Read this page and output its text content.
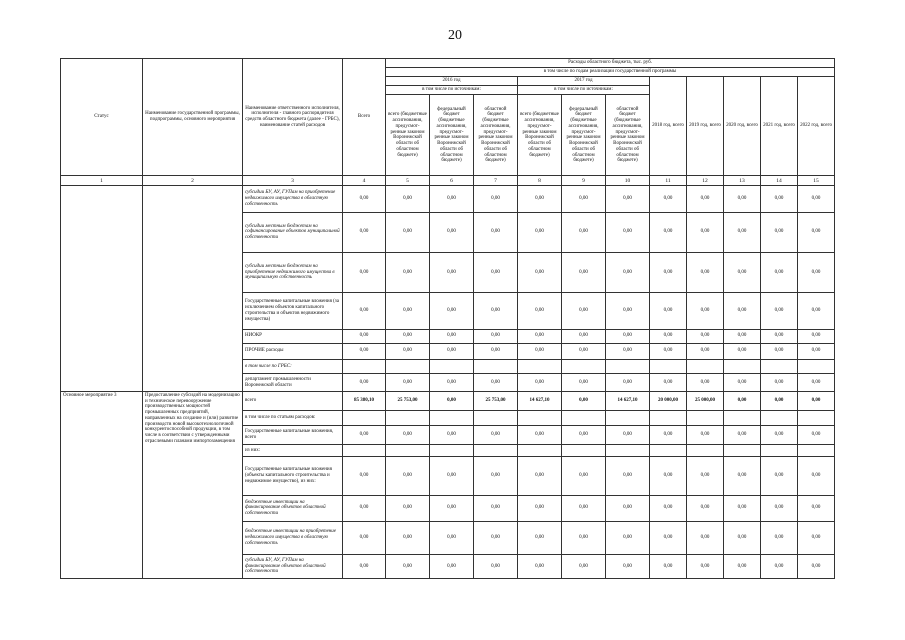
20
Статус	Наименование государственной программы, подпрограммы, основного мероприятия	Наименование ответственного исполнителя, исполнителя - главного распорядителя средств областного бюджета (далее - ГРБС), наименование статей расходов	Всего	Расходы областного бюджета, тыс. руб.										
				в том числе по годам реализации государственной программы										
				2016 год			2017 год			2018 год, всего	2019 год, всего	2020 год, всего	2021 год, всего	2022 год, всего
				в том числе по источникам:			в том числе по источникам:							
				всего (бюджетные ассигнования, предусмот-ренные законом Воронежской области об областном бюджете)	федеральный бюджет (бюджетные ассигнования, предусмот-ренные законом Воронежской области об областном бюджете)	областной бюджет (бюджетные ассигнования, предусмот-ренные законом Воронежской области об областном бюджете)	всего (бюджетные ассигнования, предусмот-ренные законом Воронежской области об областном бюджете)	федеральный бюджет (бюджетные ассигнования, предусмот-ренные законом Воронежской области об областном бюджете)	областной бюджет (бюджетные ассигнования, предусмот-ренные законом Воронежской области об областном бюджете)					
1	2	3	4	5	6	7	8	9	10	11	12	13	14	15
		субсидии БУ, АУ, ГУПам на приобретение недвижимого имущества в областную собственность	0,00	0,00	0,00	0,00	0,00	0,00	0,00	0,00	0,00	0,00	0,00	0,00
		субсидии местным бюджетам на софинансирование объектов муниципальной собственности	0,00	0,00	0,00	0,00	0,00	0,00	0,00	0,00	0,00	0,00	0,00	0,00
		субсидии местным бюджетам на приобретение недвижимого имущества в муниципальную собственность	0,00	0,00	0,00	0,00	0,00	0,00	0,00	0,00	0,00	0,00	0,00	0,00
		Государственные капитальные вложения (за исключением объектов капитального строительства и объектов недвижимого имущества)	0,00	0,00	0,00	0,00	0,00	0,00	0,00	0,00	0,00	0,00	0,00	0,00
		НИОКР	0,00	0,00	0,00	0,00	0,00	0,00	0,00	0,00	0,00	0,00	0,00	0,00
		ПРОЧИЕ расходы	0,00	0,00	0,00	0,00	0,00	0,00	0,00	0,00	0,00	0,00	0,00	0,00
		в том числе по ГРБС:												
		департамент промышленности Воронежской области	0,00	0,00	0,00	0,00	0,00	0,00	0,00	0,00	0,00	0,00	0,00	0,00
Основное мероприятие 3	Предоставление субсидий на модернизацию и техническое перевооружение производственных мощностей промышленных предприятий, направленных на создание и (или) развитие производств новой высокотехнологичной конкурентоспособной продукции, в том числе в соответствии с утвержденными отраслевыми планами импортозамещения	всего	85 380,10	25 753,00	0,00	25 753,00	14 627,10	0,00	14 627,10	20 000,00	25 000,00	0,00	0,00	0,00
		в том числе по статьям расходов:												
		Государственные капитальные вложения, всего	0,00	0,00	0,00	0,00	0,00	0,00	0,00	0,00	0,00	0,00	0,00	0,00
		из них:												
		Государственные капитальные вложения (объекты капитального строительства и недвижимое имущество), из них:	0,00	0,00	0,00	0,00	0,00	0,00	0,00	0,00	0,00	0,00	0,00	0,00
		бюджетные инвестиции на финансирование объектов областной собственности	0,00	0,00	0,00	0,00	0,00	0,00	0,00	0,00	0,00	0,00	0,00	0,00
		бюджетные инвестиции на приобретение недвижимого имущества в областную собственность	0,00	0,00	0,00	0,00	0,00	0,00	0,00	0,00	0,00	0,00	0,00	0,00
		субсидии БУ, АУ, ГУПам на финансирование объектов областной собственности	0,00	0,00	0,00	0,00	0,00	0,00	0,00	0,00	0,00	0,00	0,00	0,00
